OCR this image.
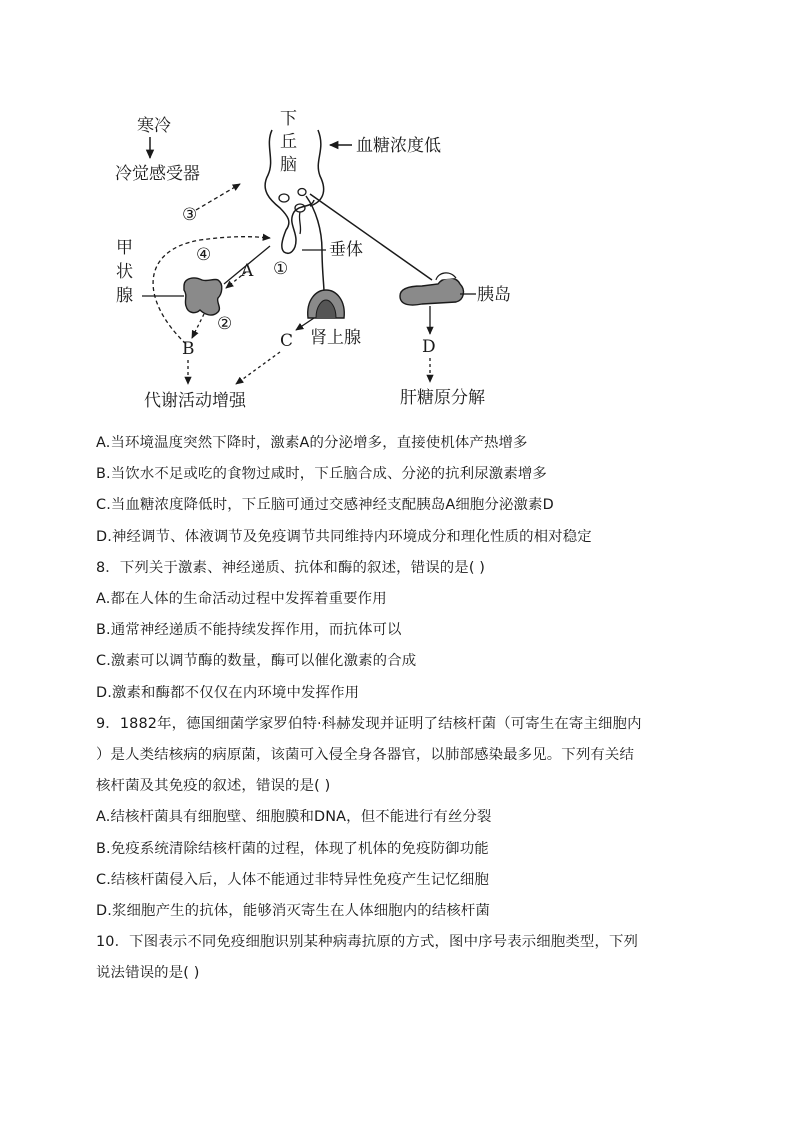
寒冷
冷觉感受器
下
丘
脑
血糖浓度低
垂体
甲
状
腺
肾上腺
胰岛
代谢活动增强	肝糖原分解
A
B	C	D
①
②
③
④
A.当环境温度突然下降时，激素A的分泌增多，直接使机体产热增多
B.当饮水不足或吃的食物过咸时，下丘脑合成、分泌的抗利尿激素增多
C.当血糖浓度降低时，下丘脑可通过交感神经支配胰岛A细胞分泌激素D
D.神经调节、体液调节及免疫调节共同维持内环境成分和理化性质的相对稳定
8．下列关于激素、神经递质、抗体和酶的叙述，错误的是( )
A.都在人体的生命活动过程中发挥着重要作用
B.通常神经递质不能持续发挥作用，而抗体可以
C.激素可以调节酶的数量，酶可以催化激素的合成
D.激素和酶都不仅仅在内环境中发挥作用
9．1882年，德国细菌学家罗伯特·科赫发现并证明了结核杆菌（可寄生在寄主细胞内
）是人类结核病的病原菌，该菌可入侵全身各器官，以肺部感染最多见。下列有关结
核杆菌及其免疫的叙述，错误的是( )
A.结核杆菌具有细胞壁、细胞膜和DNA，但不能进行有丝分裂
B.免疫系统清除结核杆菌的过程，体现了机体的免疫防御功能
C.结核杆菌侵入后，人体不能通过非特异性免疫产生记忆细胞
D.浆细胞产生的抗体，能够消灭寄生在人体细胞内的结核杆菌
10．下图表示不同免疫细胞识别某种病毒抗原的方式，图中序号表示细胞类型，下列
说法错误的是( )
